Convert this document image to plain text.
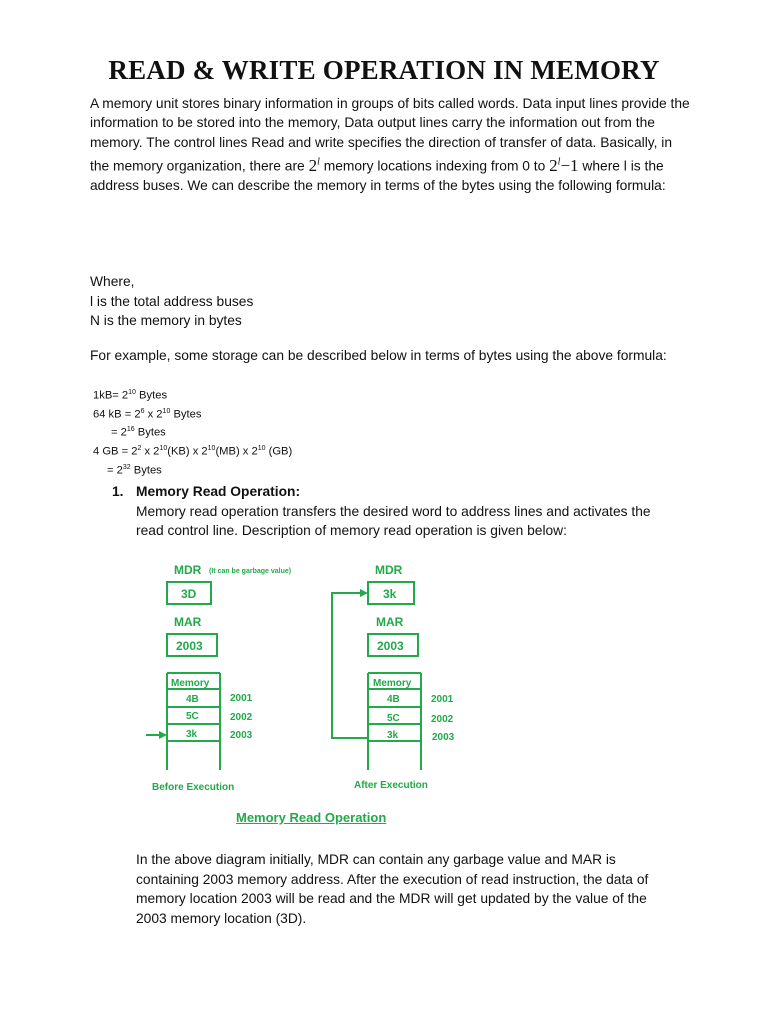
READ & WRITE OPERATION IN MEMORY

A memory unit stores binary information in groups of bits called words. Data input lines provide the information to be stored into the memory, Data output lines carry the information out from the memory. The control lines Read and write specifies the direction of transfer of data. Basically, in the memory organization, there are 2$^l$ memory locations indexing from 0 to $2^l-1$ where l is the address buses. We can describe the memory in terms of the bytes using the following formula:

Where,
l is the total address buses
N is the memory in bytes
For example, some storage can be described below in terms of bytes using the above formula:
$1kB= 2^{10}$ Bytes
64 kB = $2^6$ x $2^{10}$ Bytes
= $2^{16}$ Bytes
4 GB = $2^2$ x $2^{10}(KB)$ x $2^{10}(MB)$ x $2^{10}$ (GB)
= $2^{32}$ Bytes
1. Memory Read Operation:
Memory read operation transfers the desired word to address lines and activates the read control line. Description of memory read operation is given below:
MDR (It can be garbage value)
3D
MAR
2003
Memory
4B
5C
3k
2001
2002
2003
Before Execution
MDR
3k
MAR
2003
Memory
4B
5C
3k
2001
2002
2003
After Execution
Memory Read Operation
In the above diagram initially, MDR can contain any garbage value and MAR is containing 2003 memory address. After the execution of read instruction, the data of memory location 2003 will be read and the MDR will get updated by the value of the 2003 memory location (3D).
